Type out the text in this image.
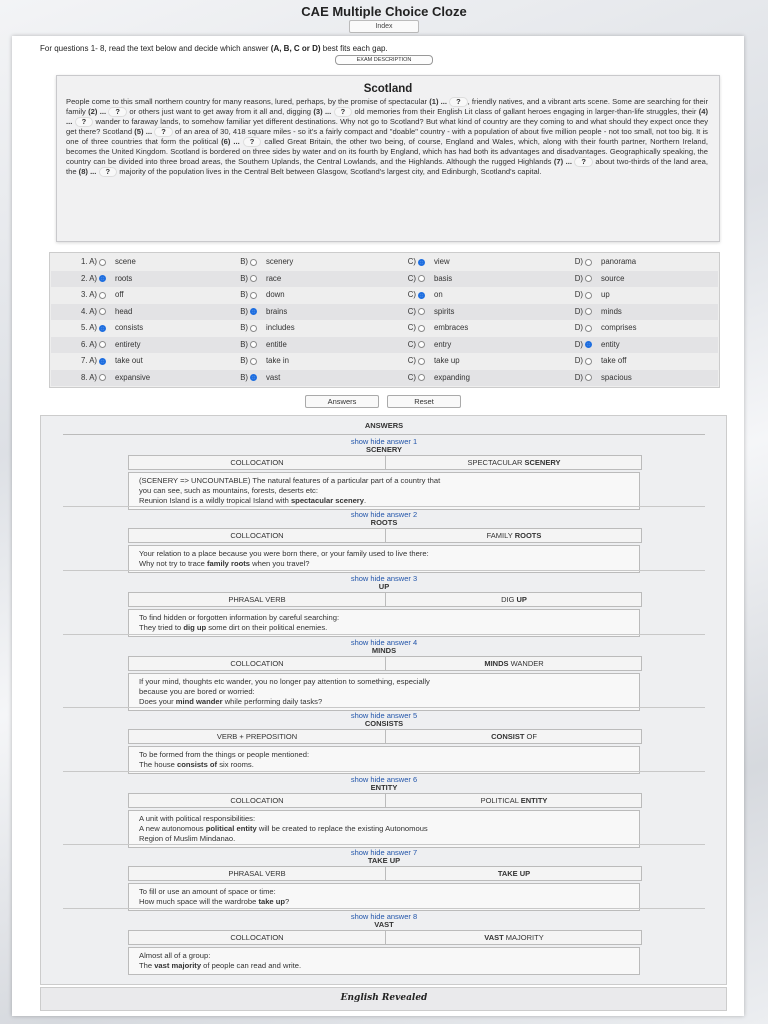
CAE Multiple Choice Cloze
Index
For questions 1- 8, read the text below and decide which answer (A, B, C or D) best fits each gap.
EXAM DESCRIPTION
Scotland
People come to this small northern country for many reasons, lured, perhaps, by the promise of spectacular (1) ... ? , friendly natives, and a vibrant arts scene. Some are searching for their family (2) ... ? or others just want to get away from it all and, digging (3) ... ? old memories from their English Lit class of gallant heroes engaging in larger-than-life struggles, their (4) ... ? wander to faraway lands, to somehow familiar yet different destinations. Why not go to Scotland? But what kind of country are they coming to and what should they expect once they get there? Scotland (5) ... ? of an area of 30, 418 square miles - so it's a fairly compact and "doable" country - with a population of about five million people - not too small, not too big. It is one of three countries that form the political (6) ... ? called Great Britain, the other two being, of course, England and Wales, which, along with their fourth partner, Northern Ireland, becomes the United Kingdom. Scotland is bordered on three sides by water and on its fourth by England, which has had both its advantages and disadvantages. Geographically speaking, the country can be divided into three broad areas, the Southern Uplands, the Central Lowlands, and the Highlands. Although the rugged Highlands (7) ... ? about two-thirds of the land area, the (8) ... ? majority of the population lives in the Central Belt between Glasgow, Scotland's largest city, and Edinburgh, Scotland's capital.
1. A) scene	B) scenery	C) view	D) panorama
2. A) roots	B) race	C) basis	D) source
3. A) off	B) down	C) on	D) up
4. A) head	B) brains	C) spirits	D) minds
5. A) consists	B) includes	C) embraces	D) comprises
6. A) entirety	B) entitle	C) entry	D) entity
7. A) take out	B) take in	C) take up	D) take off
8. A) expansive	B) vast	C) expanding	D) spacious
Answers	Reset
ANSWERS
show hide answer 1
SCENERY
COLLOCATION	SPECTACULAR SCENERY
(SCENERY => UNCOUNTABLE) The natural features of a particular part of a country that
you can see, such as mountains, forests, deserts etc:
Reunion Island is a wildly tropical Island with spectacular scenery.
show hide answer 2
ROOTS
COLLOCATION	FAMILY ROOTS
Your relation to a place because you were born there, or your family used to live there:
Why not try to trace family roots when you travel?
show hide answer 3
UP
PHRASAL VERB	DIG UP
To find hidden or forgotten information by careful searching:
They tried to dig up some dirt on their political enemies.
show hide answer 4
MINDS
COLLOCATION	MINDS WANDER
If your mind, thoughts etc wander, you no longer pay attention to something, especially
because you are bored or worried:
Does your mind wander while performing daily tasks?
show hide answer 5
CONSISTS
VERB + PREPOSITION	CONSIST OF
To be formed from the things or people mentioned:
The house consists of six rooms.
show hide answer 6
ENTITY
COLLOCATION	POLITICAL ENTITY
A unit with political responsibilities:
A new autonomous political entity will be created to replace the existing Autonomous
Region of Muslim Mindanao.
show hide answer 7
TAKE UP
PHRASAL VERB	TAKE UP
To fill or use an amount of space or time:
How much space will the wardrobe take up?
show hide answer 8
VAST
COLLOCATION	VAST MAJORITY
Almost all of a group:
The vast majority of people can read and write.
English Revealed
